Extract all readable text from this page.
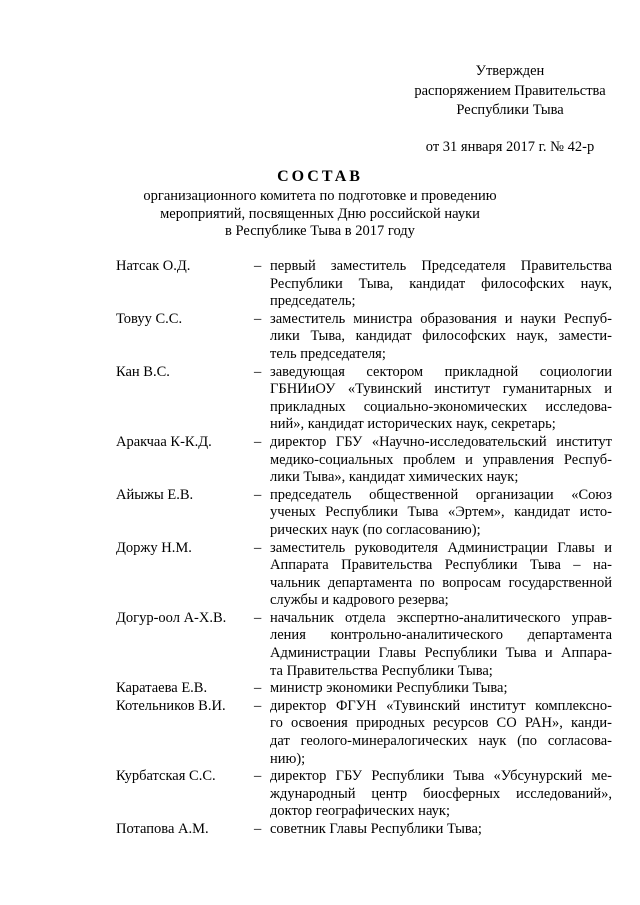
Утвержден
распоряжением Правительства
Республики Тыва
от 31 января 2017 г. № 42-р
СОСТАВ
организационного комитета по подготовке и проведению
мероприятий, посвященных Дню российской науки
в Республике Тыва в 2017 году
Натсак О.Д.	– первый заместитель Председателя Правительства
Республики Тыва, кандидат философских наук,
председатель;
Товуу С.С.	– заместитель министра образования и науки Респуб-
лики Тыва, кандидат философских наук, замести-
тель председателя;
Кан В.С.	– заведующая сектором прикладной социологии
ГБНИиОУ «Тувинский институт гуманитарных и
прикладных социально-экономических исследова-
ний», кандидат исторических наук, секретарь;
Аракчаа К-К.Д.	– директор ГБУ «Научно-исследовательский институт
медико-социальных проблем и управления Респуб-
лики Тыва», кандидат химических наук;
Айыжы Е.В.	– председатель общественной организации «Союз
ученых Республики Тыва «Эртем», кандидат исто-
рических наук (по согласованию);
Доржу Н.М.	– заместитель руководителя Администрации Главы и
Аппарата Правительства Республики Тыва – на-
чальник департамента по вопросам государственной
службы и кадрового резерва;
Догур-оол А-Х.В. – начальник отдела экспертно-аналитического управ-
ления контрольно-аналитического департамента
Администрации Главы Республики Тыва и Аппара-
та Правительства Республики Тыва;
Каратаева Е.В.	– министр экономики Республики Тыва;
Котельников В.И. – директор ФГУН «Тувинский институт комплексно-
го освоения природных ресурсов СО РАН», канди-
дат геолого-минералогических наук (по согласова-
нию);
Курбатская С.С.	– директор ГБУ Республики Тыва «Убсунурский ме-
ждународный центр биосферных исследований»,
доктор географических наук;
Потапова А.М.	– советник Главы Республики Тыва;
